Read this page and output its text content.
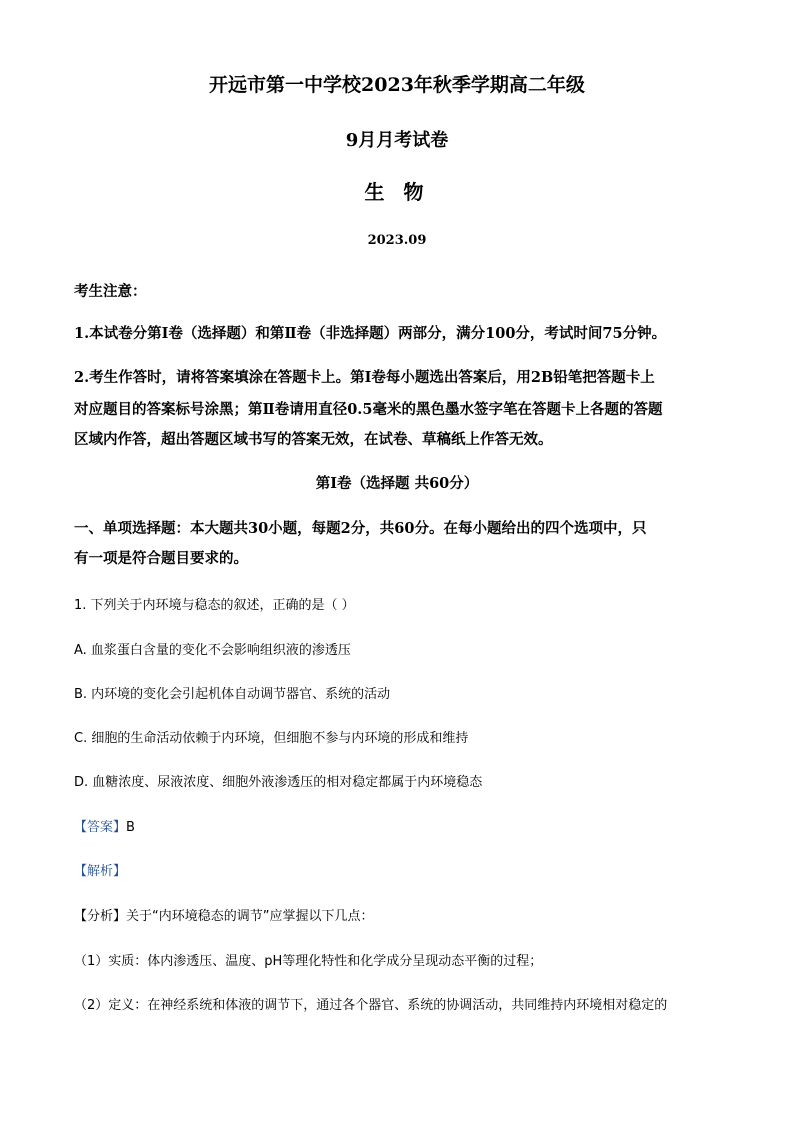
开远市第一中学校2023年秋季学期高二年级
9月月考试卷
生 物
2023.09
考生注意：
1.本试卷分第Ⅰ卷（选择题）和第Ⅱ卷（非选择题）两部分，满分100分，考试时间75分钟。
2.考生作答时，请将答案填涂在答题卡上。第Ⅰ卷每小题选出答案后，用2B铅笔把答题卡上
对应题目的答案标号涂黑；第Ⅱ卷请用直径0.5毫米的黑色墨水签字笔在答题卡上各题的答题
区域内作答，超出答题区域书写的答案无效，在试卷、草稿纸上作答无效。
第Ⅰ卷（选择题 共60分）
一、单项选择题：本大题共30小题，每题2分，共60分。在每小题给出的四个选项中，只
有一项是符合题目要求的。
1. 下列关于内环境与稳态的叙述，正确的是（ ）
A. 血浆蛋白含量的变化不会影响组织液的渗透压
B. 内环境的变化会引起机体自动调节器官、系统的活动
C. 细胞的生命活动依赖于内环境，但细胞不参与内环境的形成和维持
D. 血糖浓度、尿液浓度、细胞外液渗透压的相对稳定都属于内环境稳态
【答案】B
【解析】
【分析】关于“内环境稳态的调节”应掌握以下几点：
（1）实质：体内渗透压、温度、pH等理化特性和化学成分呈现动态平衡的过程；
（2）定义：在神经系统和体液的调节下，通过各个器官、系统的协调活动，共同维持内环境相对稳定的
